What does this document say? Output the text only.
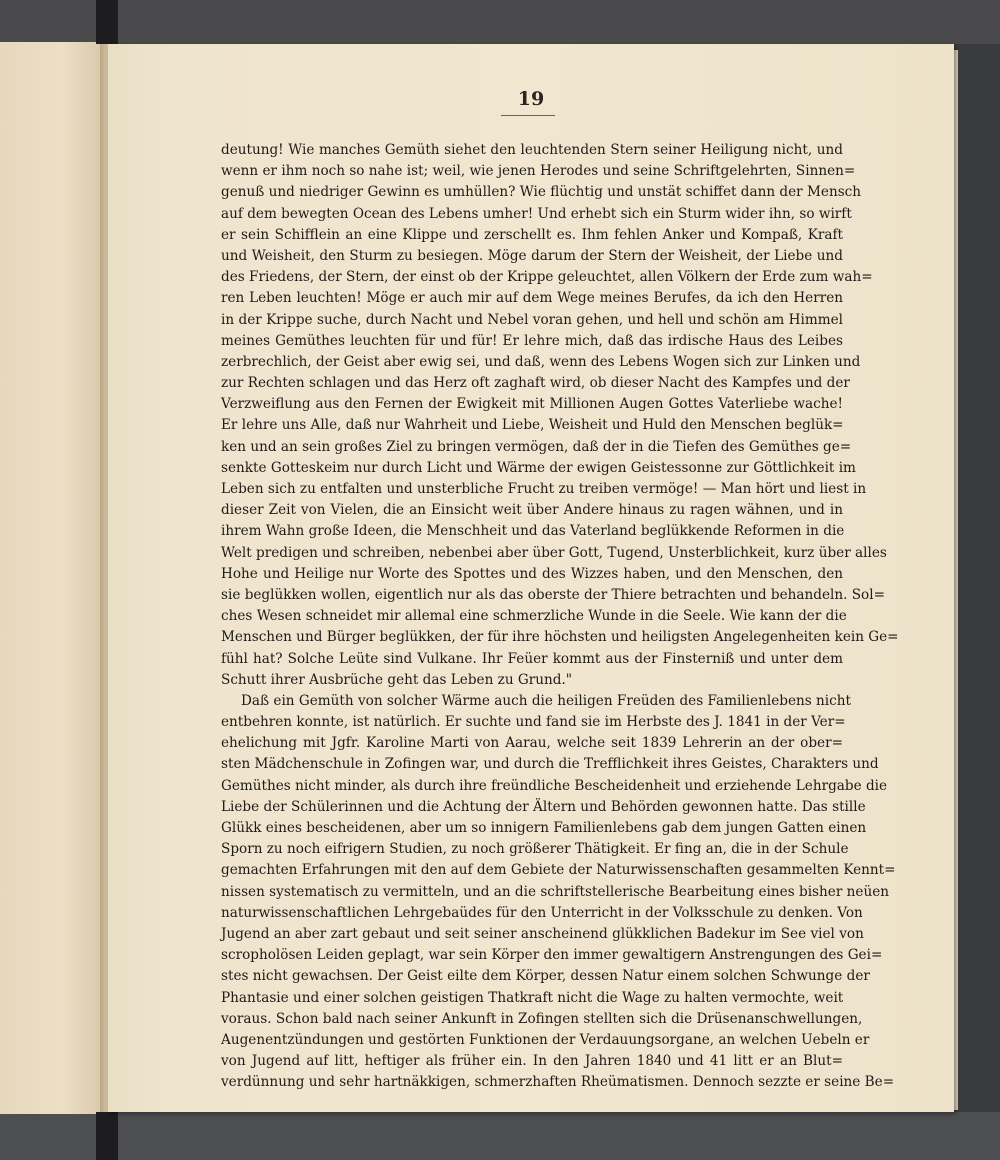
19
deutung! Wie manches Gemüth siehet den leuchtenden Stern seiner Heiligung nicht, und
wenn er ihm noch so nahe ist; weil, wie jenen Herodes und seine Schriftgelehrten, Sinnen=
genuß und niedriger Gewinn es umhüllen? Wie flüchtig und unstät schiffet dann der Mensch
auf dem bewegten Ocean des Lebens umher! Und erhebt sich ein Sturm wider ihn, so wirft
er sein Schifflein an eine Klippe und zerschellt es. Ihm fehlen Anker und Kompaß, Kraft
und Weisheit, den Sturm zu besiegen. Möge darum der Stern der Weisheit, der Liebe und
des Friedens, der Stern, der einst ob der Krippe geleuchtet, allen Völkern der Erde zum wah=
ren Leben leuchten! Möge er auch mir auf dem Wege meines Berufes, da ich den Herren
in der Krippe suche, durch Nacht und Nebel voran gehen, und hell und schön am Himmel
meines Gemüthes leuchten für und für! Er lehre mich, daß das irdische Haus des Leibes
zerbrechlich, der Geist aber ewig sei, und daß, wenn des Lebens Wogen sich zur Linken und
zur Rechten schlagen und das Herz oft zaghaft wird, ob dieser Nacht des Kampfes und der
Verzweiflung aus den Fernen der Ewigkeit mit Millionen Augen Gottes Vaterliebe wache!
Er lehre uns Alle, daß nur Wahrheit und Liebe, Weisheit und Huld den Menschen beglük=
ken und an sein großes Ziel zu bringen vermögen, daß der in die Tiefen des Gemüthes ge=
senkte Gotteskeim nur durch Licht und Wärme der ewigen Geistessonne zur Göttlichkeit im
Leben sich zu entfalten und unsterbliche Frucht zu treiben vermöge! — Man hört und liest in
dieser Zeit von Vielen, die an Einsicht weit über Andere hinaus zu ragen wähnen, und in
ihrem Wahn große Ideen, die Menschheit und das Vaterland beglükkende Reformen in die
Welt predigen und schreiben, nebenbei aber über Gott, Tugend, Unsterblichkeit, kurz über alles
Hohe und Heilige nur Worte des Spottes und des Wizzes haben, und den Menschen, den
sie beglükken wollen, eigentlich nur als das oberste der Thiere betrachten und behandeln. Sol=
ches Wesen schneidet mir allemal eine schmerzliche Wunde in die Seele. Wie kann der die
Menschen und Bürger beglükken, der für ihre höchsten und heiligsten Angelegenheiten kein Ge=
fühl hat? Solche Leüte sind Vulkane. Ihr Feüer kommt aus der Finsterniß und unter dem
Schutt ihrer Ausbrüche geht das Leben zu Grund."
Daß ein Gemüth von solcher Wärme auch die heiligen Freüden des Familienlebens nicht
entbehren konnte, ist natürlich. Er suchte und fand sie im Herbste des J. 1841 in der Ver=
ehelichung mit Jgfr. Karoline Marti von Aarau, welche seit 1839 Lehrerin an der ober=
sten Mädchenschule in Zofingen war, und durch die Trefflichkeit ihres Geistes, Charakters und
Gemüthes nicht minder, als durch ihre freündliche Bescheidenheit und erziehende Lehrgabe die
Liebe der Schülerinnen und die Achtung der Ältern und Behörden gewonnen hatte. Das stille
Glükk eines bescheidenen, aber um so innigern Familienlebens gab dem jungen Gatten einen
Sporn zu noch eifrigern Studien, zu noch größerer Thätigkeit. Er fing an, die in der Schule
gemachten Erfahrungen mit den auf dem Gebiete der Naturwissenschaften gesammelten Kennt=
nissen systematisch zu vermitteln, und an die schriftstellerische Bearbeitung eines bisher neüen
naturwissenschaftlichen Lehrgebaüdes für den Unterricht in der Volksschule zu denken. Von
Jugend an aber zart gebaut und seit seiner anscheinend glükklichen Badekur im See viel von
scropholösen Leiden geplagt, war sein Körper den immer gewaltigern Anstrengungen des Gei=
stes nicht gewachsen. Der Geist eilte dem Körper, dessen Natur einem solchen Schwunge der
Phantasie und einer solchen geistigen Thatkraft nicht die Wage zu halten vermochte, weit
voraus. Schon bald nach seiner Ankunft in Zofingen stellten sich die Drüsenanschwellungen,
Augenentzündungen und gestörten Funktionen der Verdauungsorgane, an welchen Uebeln er
von Jugend auf litt, heftiger als früher ein. In den Jahren 1840 und 41 litt er an Blut=
verdünnung und sehr hartnäkkigen, schmerzhaften Rheümatismen. Dennoch sezzte er seine Be=
